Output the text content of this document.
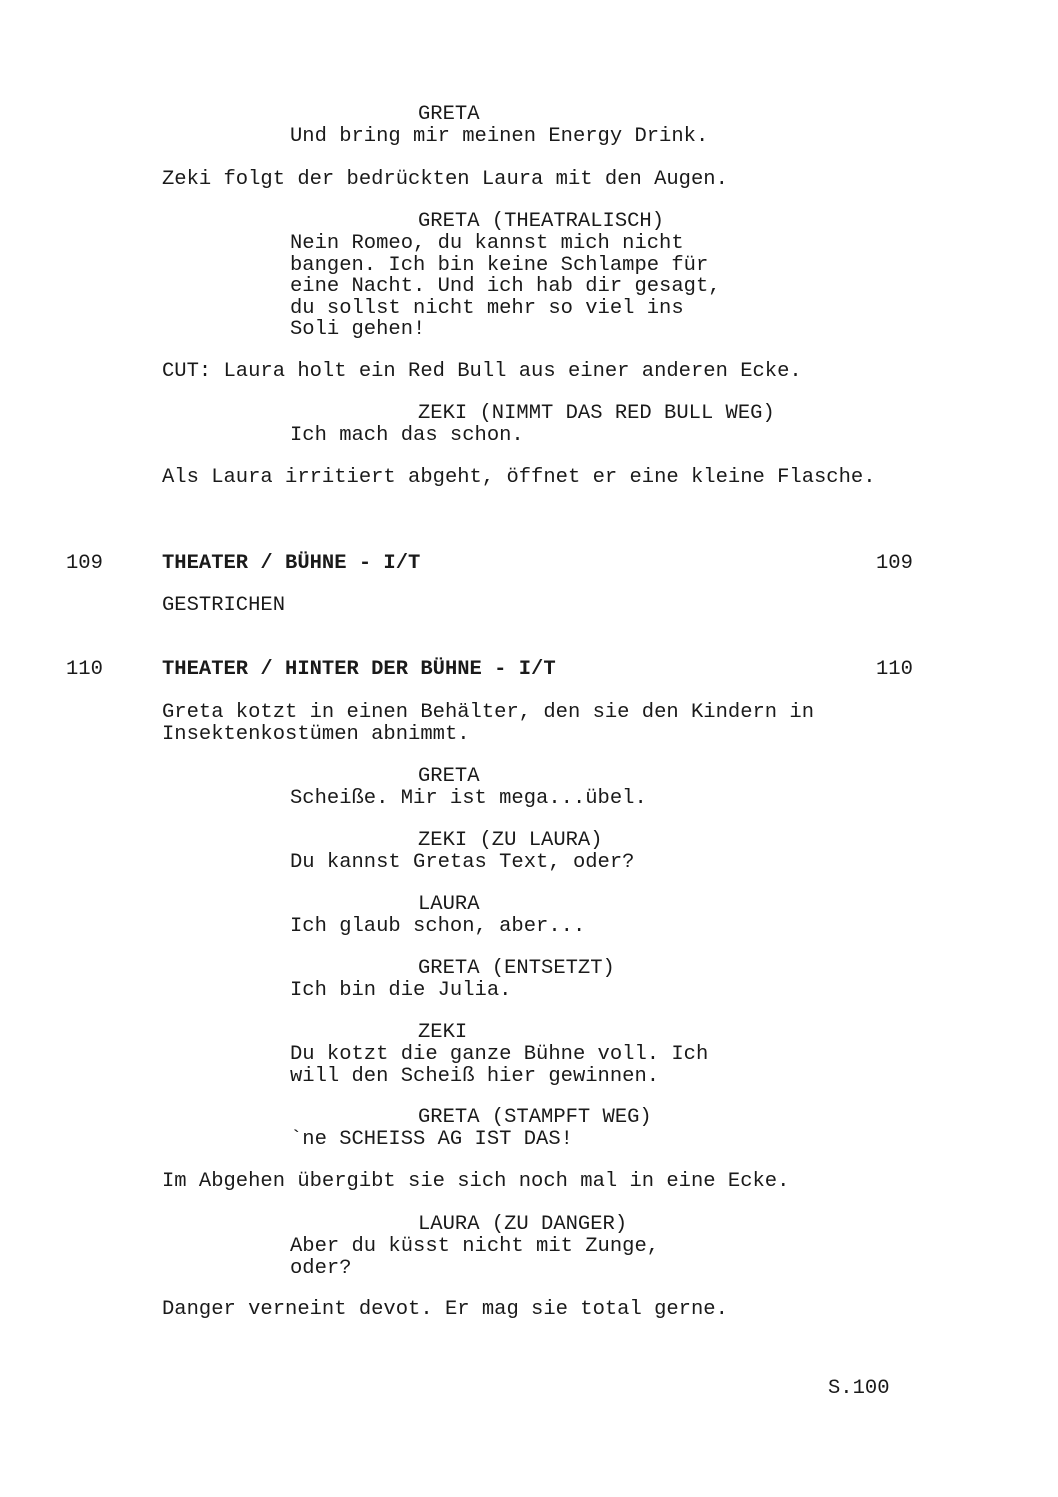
GRETA
Und bring mir meinen Energy Drink.
Zeki folgt der bedrückten Laura mit den Augen.
GRETA (THEATRALISCH)
Nein Romeo, du kannst mich nicht
bangen. Ich bin keine Schlampe für
eine Nacht. Und ich hab dir gesagt,
du sollst nicht mehr so viel ins
Soli gehen!
CUT: Laura holt ein Red Bull aus einer anderen Ecke.
ZEKI (NIMMT DAS RED BULL WEG)
Ich mach das schon.
Als Laura irritiert abgeht, öffnet er eine kleine Flasche.
109	THEATER / BÜHNE - I/T	109
GESTRICHEN
110	THEATER / HINTER DER BÜHNE - I/T	110
Greta kotzt in einen Behälter, den sie den Kindern in
Insektenkostümen abnimmt.
GRETA
Scheiße. Mir ist mega...übel.
ZEKI (ZU LAURA)
Du kannst Gretas Text, oder?
LAURA
Ich glaub schon, aber...
GRETA (ENTSETZT)
Ich bin die Julia.
ZEKI
Du kotzt die ganze Bühne voll. Ich
will den Scheiß hier gewinnen.
GRETA (STAMPFT WEG)
`ne SCHEISS AG IST DAS!
Im Abgehen übergibt sie sich noch mal in eine Ecke.
LAURA (ZU DANGER)
Aber du küsst nicht mit Zunge,
oder?
Danger verneint devot. Er mag sie total gerne.
S.100
